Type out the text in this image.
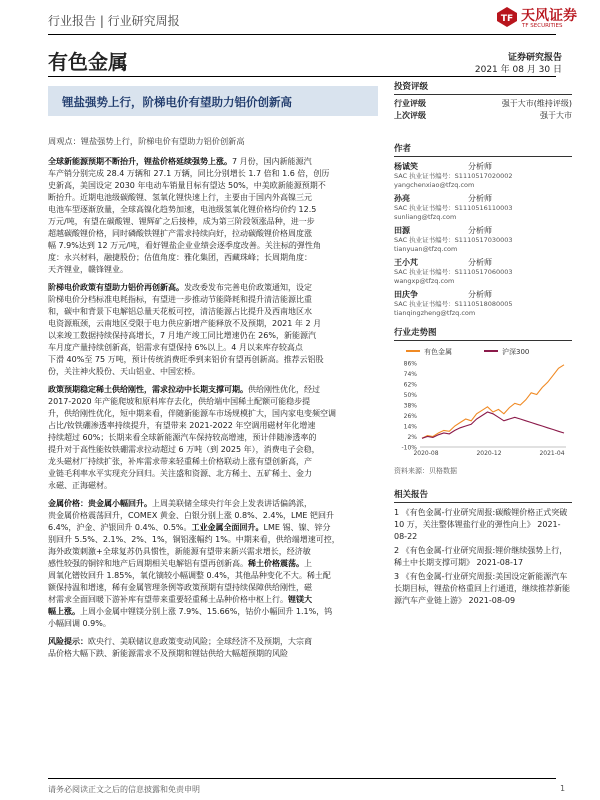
行业报告 | 行业研究周报	TF 天风证券
TF SECURITIES
有色金属	证券研究报告
2021 年 08 月 30 日
锂盐强势上行，阶梯电价有望助力铝价创新高
周观点：锂盐强势上行，阶梯电价有望助力铝价创新高
全球新能源预期不断抬升，锂盐价格延续强势上涨。7 月份，国内新能源汽
车产销分别完成 28.4 万辆和 27.1 万辆，同比分别增长 1.7 倍和 1.6 倍，创历
史新高，美国设定 2030 年电动车销量目标有望达 50%，中美欧新能源预期不
断抬升。近期电池级碳酸锂、氢氧化锂快速上行，主要由于国内外高镍三元
电池车型逐渐放量，全球高镍化趋势加速，电池级氢氧化锂价格均价约 12.5
万元/吨，有望在碳酸锂、锂辉矿之后接棒，成为第三阶段领涨品种，进一步
超越碳酸锂价格，同时磷酸铁锂扩产需求持续向好，拉动碳酸锂价格周度涨
幅 7.9%达到 12 万元/吨，看好锂盐企业业绩会逐季度改善。关注标的弹性角
度：永兴材料，融捷股份；估值角度：雅化集团，西藏珠峰；长周期角度：
天齐锂业，赣锋锂业。
阶梯电价政策有望助力铝价再创新高。发改委发布完善电价政策通知，设定
阶梯电价分档标准电耗指标，有望进一步推动节能降耗和提升清洁能源比重
和，碳中和背景下电解铝总量天花板可控，清洁能源占比提升及西南地区水
电资源瓶颈，云南地区受限于电力供应新增产能释放不及预期，2021 年 2 月
以来竣工数据持续保持高增长，7 月地产竣工同比增速仍在 26%，新能源汽
车月度产量持续创新高，铝需求有望保持 6%以上。4 月以来库存较高点
下滑 40%至 75 万吨，预计传统消费旺季到来铝价有望再创新高。推荐云铝股
份，关注神火股份、天山铝业、中国宏桥。
政策预期稳定稀土供给刚性，需求拉动中长期支撑可期。供给刚性优化，经过
2017-2020 年产能爬坡和原料库存去化，供给端中国稀土配额可能稳步提
升，供给刚性优化，短中期来看，伴随新能源车市场规模扩大，国内家电变频空调
占比/钕铁硼渗透率持续提升，有望带来 2021-2022 年空调用磁材年化增速
持续超过 60%；长期来看全球新能源汽车保持较高增速，预计伴随渗透率的
提升对于高性能钕铁硼需求拉动超过 6 万吨（到 2025 年），消费电子会稳，
龙头磁材厂持续扩张，补库需求带来轻重稀土价格联动上涨有望创新高，产
业链毛利率水平实现充分回归。关注盛和资源、北方稀土、五矿稀土、金力
永磁、正海磁材。
金属价格：贵金属小幅回升。上周美联储全球央行年会上发表讲话偏鸽派，
贵金属价格震荡回升，COMEX 黄金、白银分别上涨 0.8%、2.4%，LME 钯回升
6.4%，沪金、沪银回升 0.4%、0.5%。工业金属全面回升。LME 锡、镍、锌分
别回升 5.5%、2.1%、2%、1%，铜铝涨幅约 1%。中期来看，供给端增速可控，
海外政策刺激+全球复苏仍具惯性，新能源有望带来新兴需求增长，经济敏
感性较强的铜锌和地产后周期相关电解铝有望再创新高。稀土价格震荡。上
周氧化镨钕回升 1.85%，氧化镝较小幅调整 0.4%，其他品种变化不大。稀土配
额保持温和增速，稀有金属管理条例等政策预期有望持续保障供给刚性，磁
材需求全面回暖下游补库有望带来重要轻重稀土品种价格中枢上行。锂镁大
幅上涨。上周小金属中锂镁分别上涨 7.9%、15.66%，钴价小幅回升 1.1%，钨
小幅回调 0.9%。
风险提示：欧央行、美联储议息政策变动风险；全球经济不及预期，大宗商
品价格大幅下跌、新能源需求不及预期和锂钴供给大幅超预期的风险
投资评级
行业评级	强于大市(维持评级)
上次评级	强于大市
作者
杨诚笑	分析师
SAC 执业证书编号：S1110517020002
yangchenxiao@tfzq.com
孙亮	分析师
SAC 执业证书编号：S1110516110003
sunliang@tfzq.com
田源	分析师
SAC 执业证书编号：S1110517030003
tianyuan@tfzq.com
王小芃	分析师
SAC 执业证书编号：S1110517060003
wangxp@tfzq.com
田庆争	分析师
SAC 执业证书编号：S1110518080005
tianqingzheng@tfzq.com
行业走势图
有色金属	沪深300
-10%
2%
14%
26%
38%
50%
62%
74%
86%
2020-08	2020-12	2021-04
资料来源：贝格数据
相关报告
1 《有色金属-行业研究周报:碳酸锂价格正式突破 10 万，关注整体锂盐行业的弹性向上》 2021-08-22
2 《有色金属-行业研究周报:锂价继续强势上行，稀土中长期支撑可期》 2021-08-17
3 《有色金属-行业研究周报:美国设定新能源汽车长期目标，锂盐价格重回上行通道，继续推荐新能源汽车产业链上游》 2021-08-09
请务必阅读正文之后的信息披露和免责申明	1
